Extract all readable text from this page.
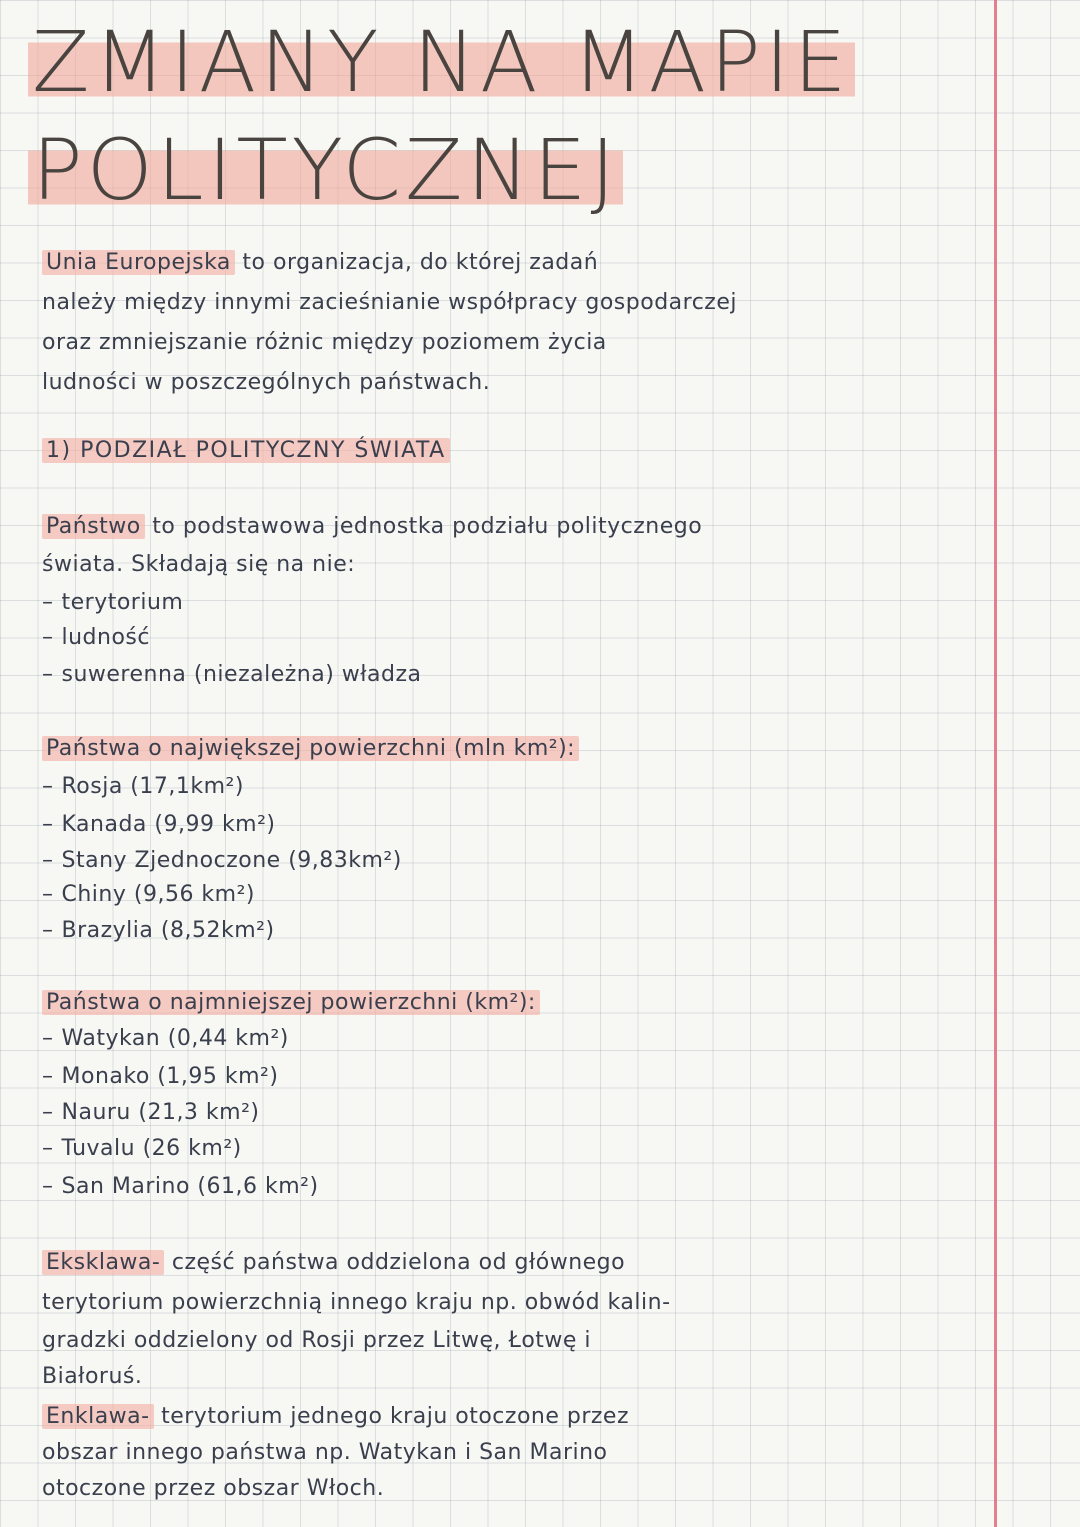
ZMIANY NA MAPIE
POLITYCZNEJ

Unia Europejska to organizacja, do której zadań

należy między innymi zacieśnianie współpracy gospodarczej

oraz zmniejszanie różnic między poziomem życia

ludności w poszczególnych państwach.

1) PODZIAŁ POLITYCZNY ŚWIATA

Państwo to podstawowa jednostka podziału politycznego

świata. Składają się na nie:

– terytorium

– ludność

– suwerenna (niezależna) władza

Państwa o największej powierzchni (mln km²):

– Rosja (17,1km²)

– Kanada (9,99 km²)

– Stany Zjednoczone (9,83km²)

– Chiny (9,56 km²)

– Brazylia (8,52km²)

Państwa o najmniejszej powierzchni (km²):

– Watykan (0,44 km²)

– Monako (1,95 km²)

– Nauru (21,3 km²)

– Tuvalu (26 km²)

– San Marino (61,6 km²)

Eksklawa- część państwa oddzielona od głównego

terytorium powierzchnią innego kraju np. obwód kalin-

gradzki oddzielony od Rosji przez Litwę, Łotwę i

Białoruś.

Enklawa- terytorium jednego kraju otoczone przez

obszar innego państwa np. Watykan i San Marino

otoczone przez obszar Włoch.
